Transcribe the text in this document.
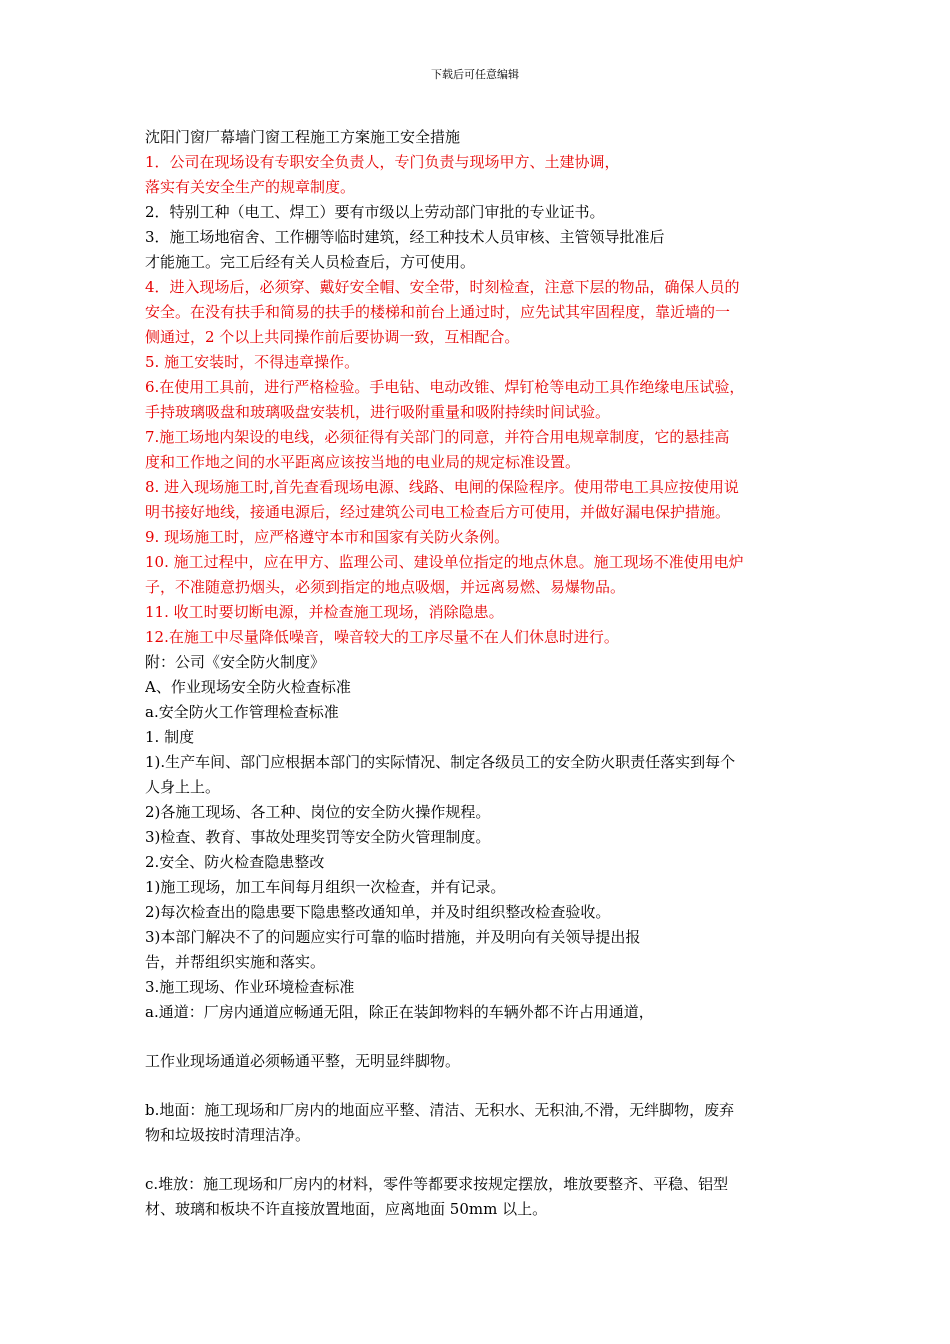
下载后可任意编辑
沈阳门窗厂幕墙门窗工程施工方案施工安全措施
1．公司在现场设有专职安全负责人，专门负责与现场甲方、土建协调，
落实有关安全生产的规章制度。
2．特别工种（电工、焊工）要有市级以上劳动部门审批的专业证书。
3．施工场地宿舍、工作棚等临时建筑，经工种技术人员审核、主管领导批准后
才能施工。完工后经有关人员检查后，方可使用。
4．进入现场后，必须穿、戴好安全帽、安全带，时刻检查，注意下层的物品，确保人员的
安全。在没有扶手和简易的扶手的楼梯和前台上通过时，应先试其牢固程度，靠近墙的一
侧通过，2 个以上共同操作前后要协调一致，互相配合。
5. 施工安装时，不得违章操作。
6.在使用工具前，进行严格检验。手电钻、电动改锥、焊钉枪等电动工具作绝缘电压试验，
手持玻璃吸盘和玻璃吸盘安装机，进行吸附重量和吸附持续时间试验。
7.施工场地内架设的电线，必须征得有关部门的同意，并符合用电规章制度，它的悬挂高
度和工作地之间的水平距离应该按当地的电业局的规定标准设置。
8. 进入现场施工时,首先查看现场电源、线路、电闸的保险程序。使用带电工具应按使用说
明书接好地线，接通电源后，经过建筑公司电工检查后方可使用，并做好漏电保护措施。
9. 现场施工时，应严格遵守本市和国家有关防火条例。
10. 施工过程中，应在甲方、监理公司、建设单位指定的地点休息。施工现场不准使用电炉
子，不准随意扔烟头，必须到指定的地点吸烟，并远离易燃、易爆物品。
11. 收工时要切断电源，并检查施工现场，消除隐患。
12.在施工中尽量降低噪音，噪音较大的工序尽量不在人们休息时进行。
附：公司《安全防火制度》
A、作业现场安全防火检查标准
a.安全防火工作管理检查标准
1. 制度
1).生产车间、部门应根据本部门的实际情况、制定各级员工的安全防火职责任落实到每个
人身上上。
2)各施工现场、各工种、岗位的安全防火操作规程。
3)检查、教育、事故处理奖罚等安全防火管理制度。
2.安全、防火检查隐患整改
1)施工现场，加工车间每月组织一次检查，并有记录。
2)每次检查出的隐患要下隐患整改通知单，并及时组织整改检查验收。
3)本部门解决不了的问题应实行可靠的临时措施，并及明向有关领导提出报
告，并帮组织实施和落实。
3.施工现场、作业环境检查标准
a.通道：厂房内通道应畅通无阻，除正在装卸物料的车辆外都不许占用通道，
工作业现场通道必须畅通平整，无明显绊脚物。
b.地面：施工现场和厂房内的地面应平整、清洁、无积水、无积油,不滑，无绊脚物，废弃
物和垃圾按时清理洁净。
c.堆放：施工现场和厂房内的材料，零件等都要求按规定摆放，堆放要整齐、平稳、铝型
材、玻璃和板块不许直接放置地面，应离地面 50mm 以上。
